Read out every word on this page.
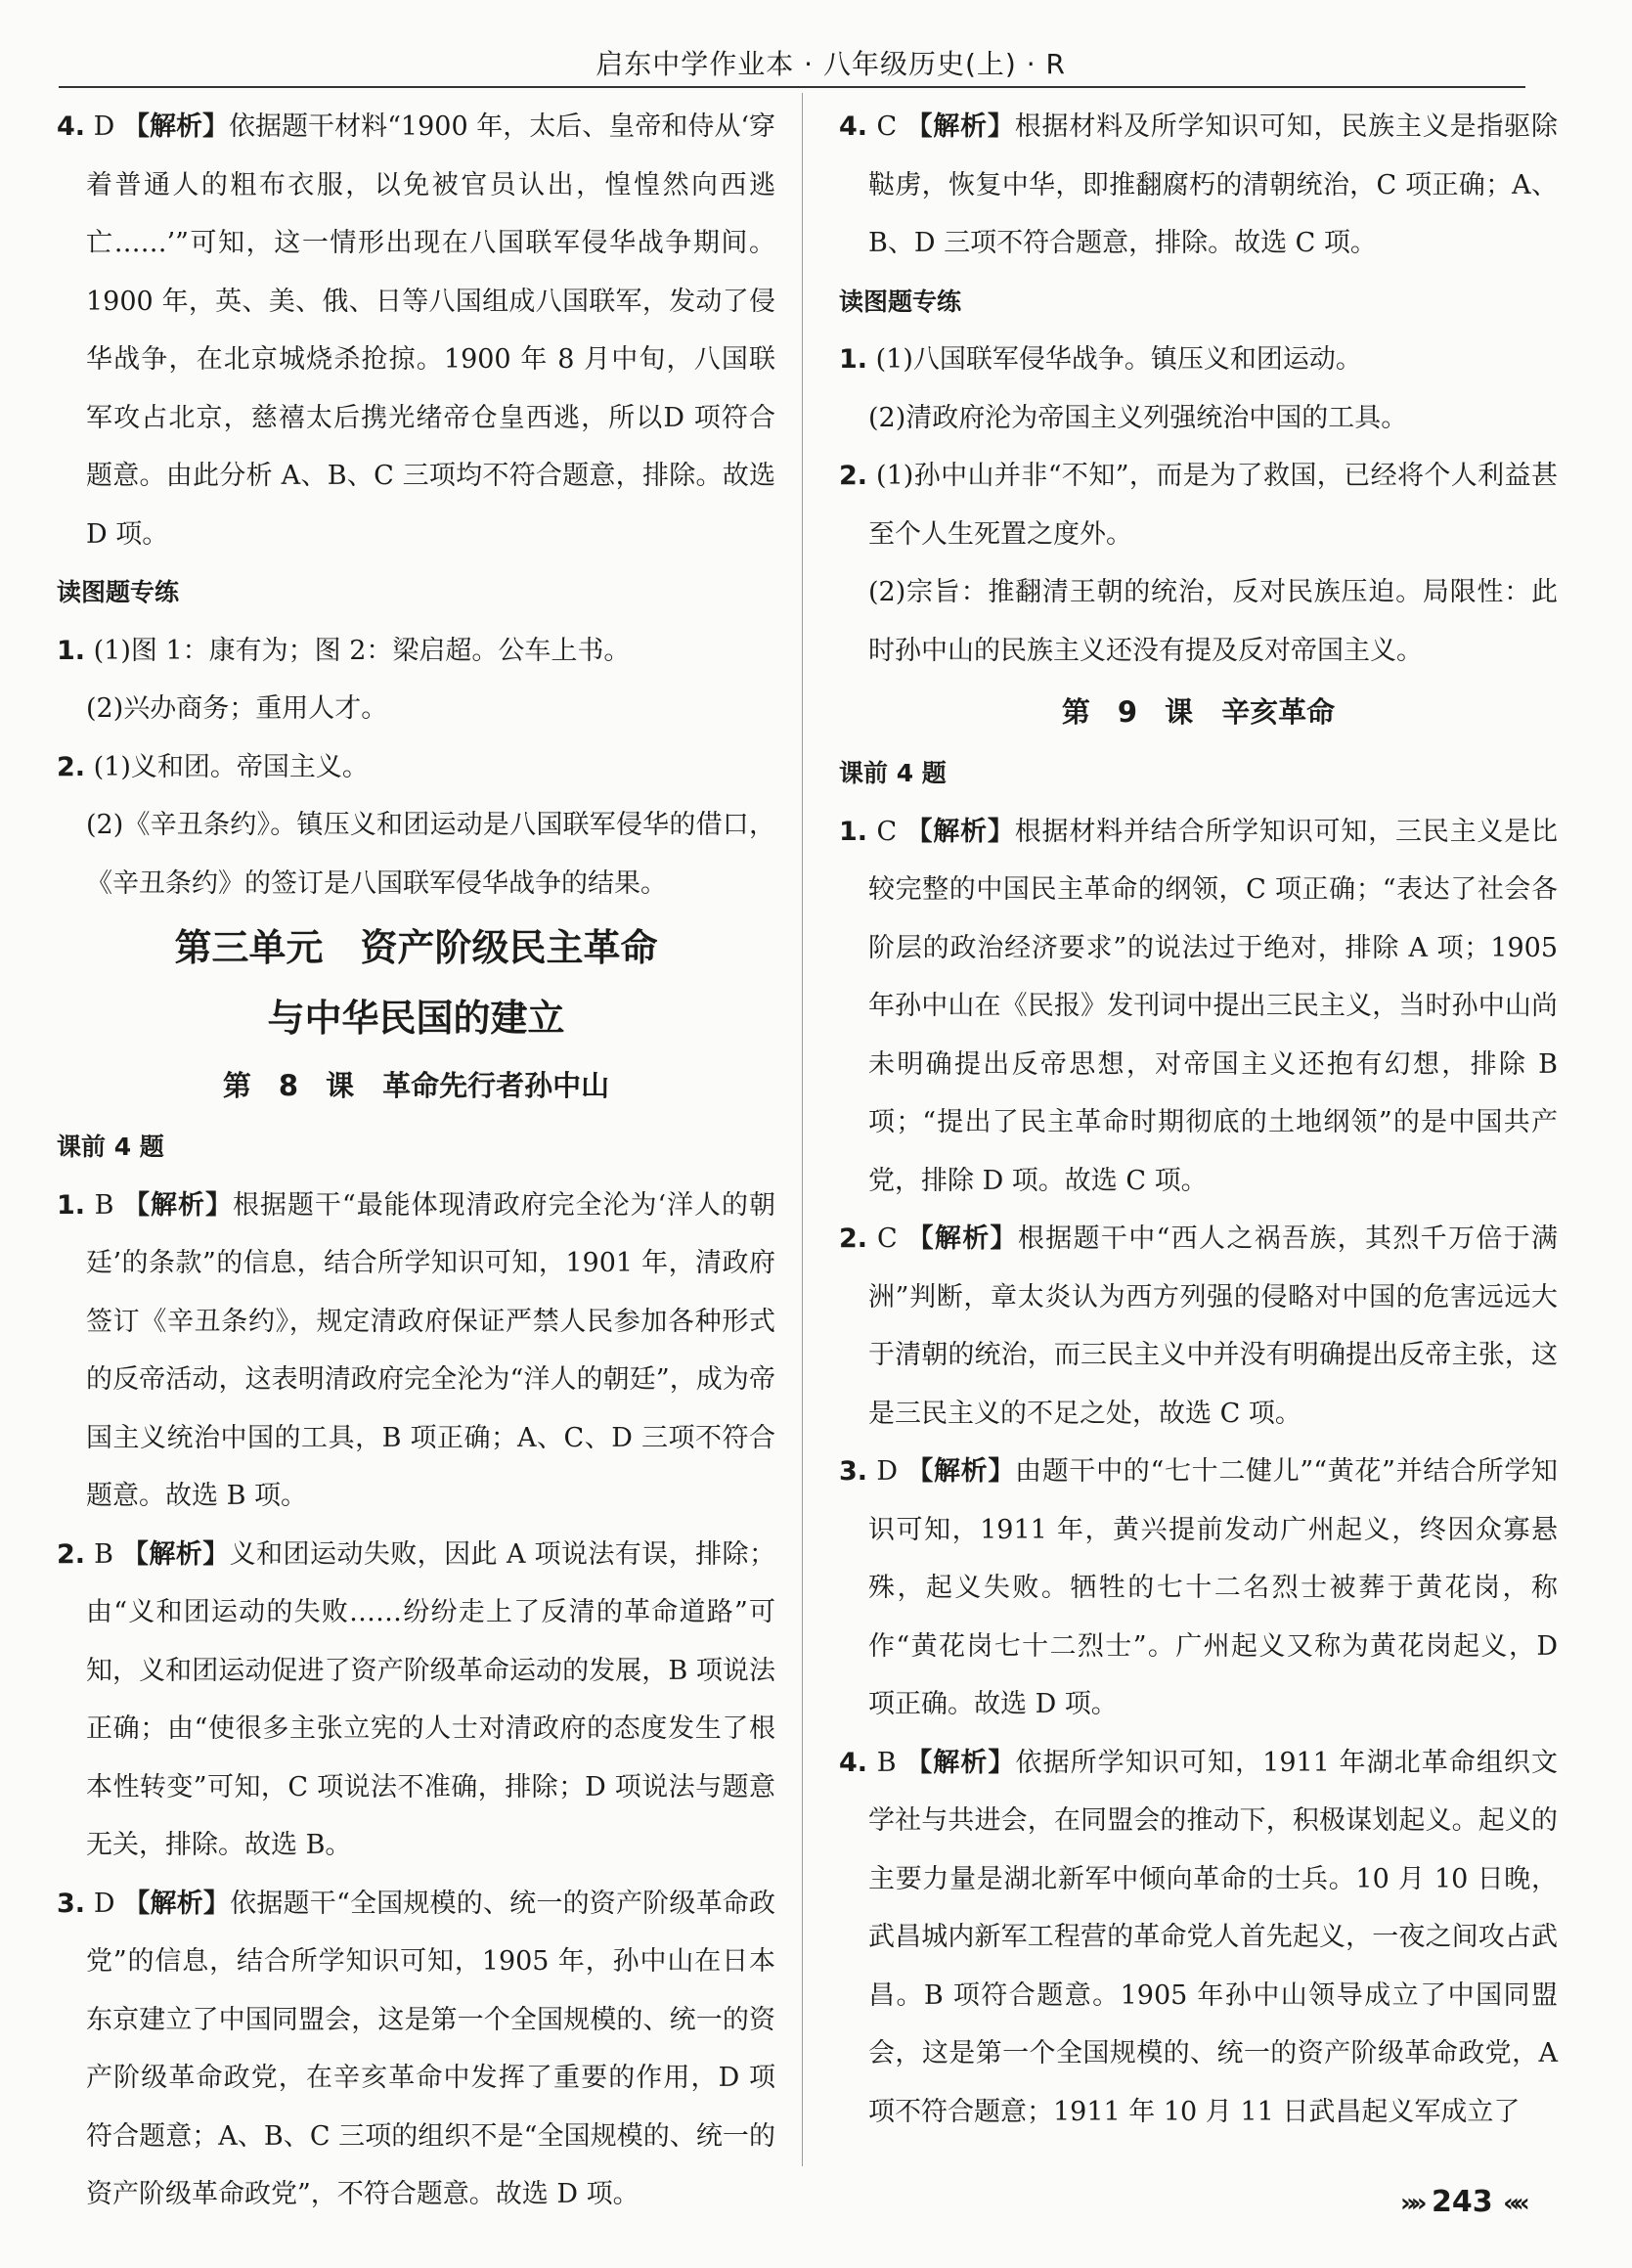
启东中学作业本 · 八年级历史(上) · R

4. D 【解析】依据题干材料“1900 年，太后、皇帝和侍从‘穿着普通人的粗布衣服，以免被官员认出，惶惶然向西逃亡……’”可知，这一情形出现在八国联军侵华战争期间。1900 年，英、美、俄、日等八国组成八国联军，发动了侵华战争，在北京城烧杀抢掠。1900 年 8 月中旬，八国联军攻占北京，慈禧太后携光绪帝仓皇西逃，所以D 项符合题意。由此分析 A、B、C 三项均不符合题意，排除。故选 D 项。

读图题专练

1. (1)图 1：康有为；图 2：梁启超。公车上书。

(2)兴办商务；重用人才。

2. (1)义和团。帝国主义。

(2)《辛丑条约》。镇压义和团运动是八国联军侵华的借口，《辛丑条约》的签订是八国联军侵华战争的结果。

第三单元　资产阶级民主革命

与中华民国的建立

第 8 课　革命先行者孙中山

课前 4 题

1. B 【解析】根据题干“最能体现清政府完全沦为‘洋人的朝廷’的条款”的信息，结合所学知识可知，1901 年，清政府签订《辛丑条约》，规定清政府保证严禁人民参加各种形式的反帝活动，这表明清政府完全沦为“洋人的朝廷”，成为帝国主义统治中国的工具，B 项正确；A、C、D 三项不符合题意。故选 B 项。

2. B 【解析】义和团运动失败，因此 A 项说法有误，排除；由“义和团运动的失败……纷纷走上了反清的革命道路”可知，义和团运动促进了资产阶级革命运动的发展，B 项说法正确；由“使很多主张立宪的人士对清政府的态度发生了根本性转变”可知，C 项说法不准确，排除；D 项说法与题意无关，排除。故选 B。

3. D 【解析】依据题干“全国规模的、统一的资产阶级革命政党”的信息，结合所学知识可知，1905 年，孙中山在日本东京建立了中国同盟会，这是第一个全国规模的、统一的资产阶级革命政党，在辛亥革命中发挥了重要的作用，D 项符合题意；A、B、C 三项的组织不是“全国规模的、统一的资产阶级革命政党”，不符合题意。故选 D 项。

4. C 【解析】根据材料及所学知识可知，民族主义是指驱除鞑虏，恢复中华，即推翻腐朽的清朝统治，C 项正确；A、B、D 三项不符合题意，排除。故选 C 项。

读图题专练

1. (1)八国联军侵华战争。镇压义和团运动。

(2)清政府沦为帝国主义列强统治中国的工具。

2. (1)孙中山并非“不知”，而是为了救国，已经将个人利益甚至个人生死置之度外。

(2)宗旨：推翻清王朝的统治，反对民族压迫。局限性：此时孙中山的民族主义还没有提及反对帝国主义。

第 9 课　辛亥革命

课前 4 题

1. C 【解析】根据材料并结合所学知识可知，三民主义是比较完整的中国民主革命的纲领，C 项正确；“表达了社会各阶层的政治经济要求”的说法过于绝对，排除 A 项；1905 年孙中山在《民报》发刊词中提出三民主义，当时孙中山尚未明确提出反帝思想，对帝国主义还抱有幻想，排除 B 项；“提出了民主革命时期彻底的土地纲领”的是中国共产党，排除 D 项。故选 C 项。

2. C 【解析】根据题干中“西人之祸吾族，其烈千万倍于满洲”判断，章太炎认为西方列强的侵略对中国的危害远远大于清朝的统治，而三民主义中并没有明确提出反帝主张，这是三民主义的不足之处，故选 C 项。

3. D 【解析】由题干中的“七十二健儿”“黄花”并结合所学知识可知，1911 年，黄兴提前发动广州起义，终因众寡悬殊，起义失败。牺牲的七十二名烈士被葬于黄花岗，称作“黄花岗七十二烈士”。广州起义又称为黄花岗起义，D 项正确。故选 D 项。

4. B 【解析】依据所学知识可知，1911 年湖北革命组织文学社与共进会，在同盟会的推动下，积极谋划起义。起义的主要力量是湖北新军中倾向革命的士兵。10 月 10 日晚，武昌城内新军工程营的革命党人首先起义，一夜之间攻占武昌。B 项符合题意。1905 年孙中山领导成立了中国同盟会，这是第一个全国规模的、统一的资产阶级革命政党，A 项不符合题意；1911 年 10 月 11 日武昌起义军成立了

»» 243 ««
